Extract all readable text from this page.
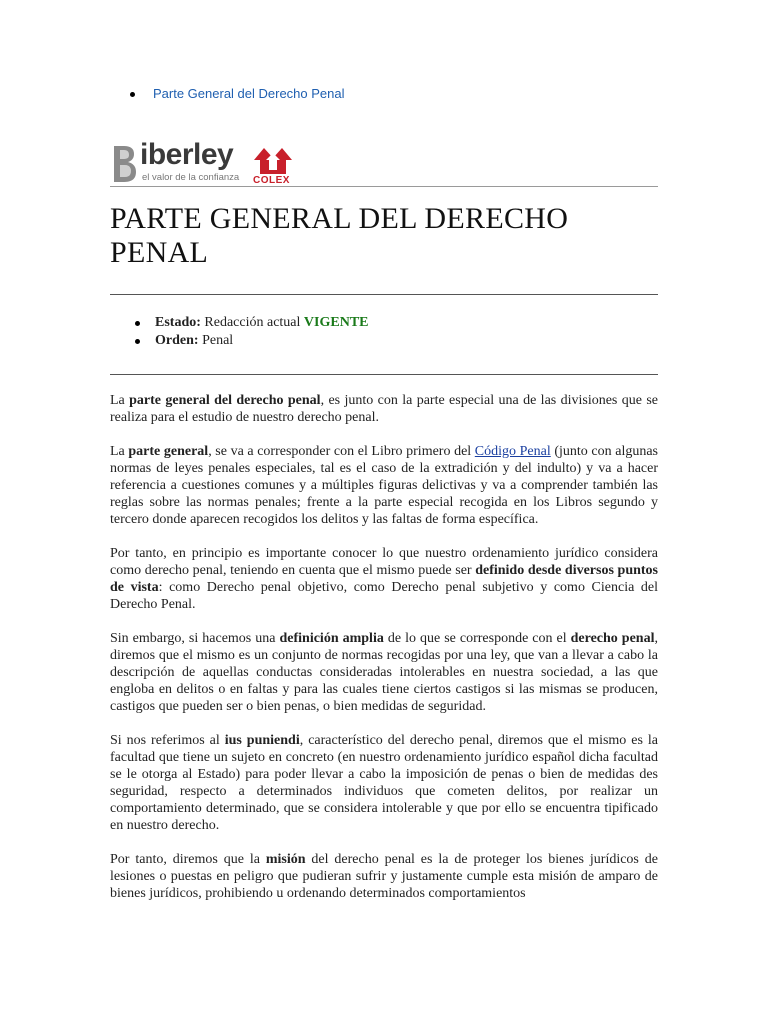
Parte General del Derecho Penal
iberley
el valor de la confianza COLEX
PARTE GENERAL DEL DERECHO PENAL
Estado: Redacción actual VIGENTE
Orden: Penal

La parte general del derecho penal, es junto con la parte especial una de las divisiones que se realiza para el estudio de nuestro derecho penal.

La parte general, se va a corresponder con el Libro primero del Código Penal (junto con algunas normas de leyes penales especiales, tal es el caso de la extradición y del indulto) y va a hacer referencia a cuestiones comunes y a múltiples figuras delictivas y va a comprender también las reglas sobre las normas penales; frente a la parte especial recogida en los Libros segundo y tercero donde aparecen recogidos los delitos y las faltas de forma específica.

Por tanto, en principio es importante conocer lo que nuestro ordenamiento jurídico considera como derecho penal, teniendo en cuenta que el mismo puede ser definido desde diversos puntos de vista: como Derecho penal objetivo, como Derecho penal subjetivo y como Ciencia del Derecho Penal.

Sin embargo, si hacemos una definición amplia de lo que se corresponde con el derecho penal, diremos que el mismo es un conjunto de normas recogidas por una ley, que van a llevar a cabo la descripción de aquellas conductas consideradas intolerables en nuestra sociedad, a las que engloba en delitos o en faltas y para las cuales tiene ciertos castigos si las mismas se producen, castigos que pueden ser o bien penas, o bien medidas de seguridad.

Si nos referimos al ius puniendi, característico del derecho penal, diremos que el mismo es la facultad que tiene un sujeto en concreto (en nuestro ordenamiento jurídico español dicha facultad se le otorga al Estado) para poder llevar a cabo la imposición de penas o bien de medidas des seguridad, respecto a determinados individuos que cometen delitos, por realizar un comportamiento determinado, que se considera intolerable y que por ello se encuentra tipificado en nuestro derecho.

Por tanto, diremos que la misión del derecho penal es la de proteger los bienes jurídicos de lesiones o puestas en peligro que pudieran sufrir y justamente cumple esta misión de amparo de bienes jurídicos, prohibiendo u ordenando determinados comportamientos
